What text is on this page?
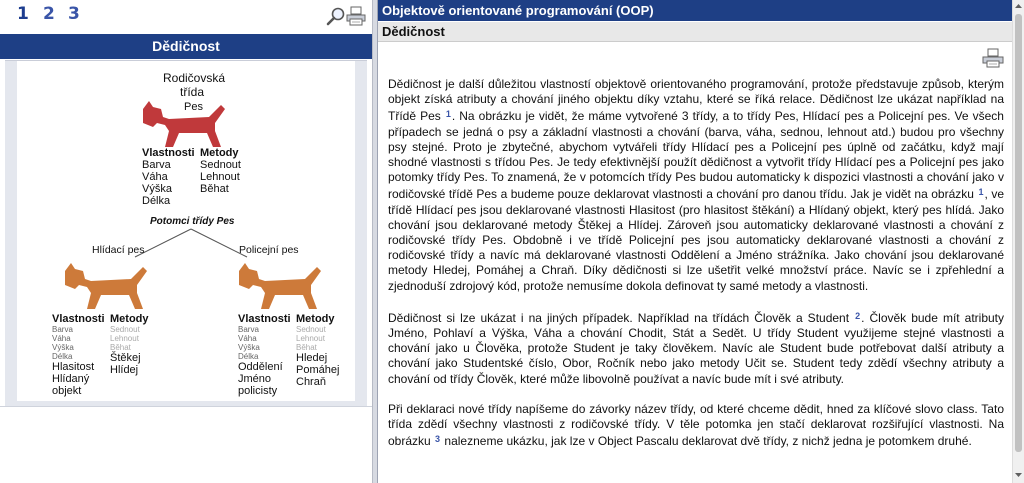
1 2 3
Dědičnost
Rodičovská
třída
Pes
Vlastnosti Metody
Barva
Váha
Výška
Délka
Sednout
Lehnout
Běhat
Potomci třídy Pes
Hlídací pes	Policejní pes
Vlastnosti Metody
Barva
Váha
Výška
Délka
Hlasitost
Hlídaný
objekt
Sednout
Lehnout
Běhat
Štěkej
Hlídej
Vlastnosti Metody
Barva
Váha
Výška
Délka
Oddělení
Jméno
policisty
Sednout
Lehnout
Běhat
Hledej
Pomáhej
Chraň
Objektově orientované programování (OOP)
Dědičnost

Dědičnost je další důležitou vlastností objektově orientovaného programování, protože představuje způsob, kterým objekt získá atributy a chování jiného objektu díky vztahu, které se říká relace. Dědičnost lze ukázat například na Třídě Pes 1. Na obrázku je vidět, že máme vytvořené 3 třídy, a to třídy Pes, Hlídací pes a Policejní pes. Ve všech případech se jedná o psy a základní vlastnosti a chování (barva, váha, sednou, lehnout atd.) budou pro všechny psy stejné. Proto je zbytečné, abychom vytvářeli třídy Hlídací pes a Policejní pes úplně od začátku, když mají shodné vlastnosti s třídou Pes. Je tedy efektivnější použít dědičnost a vytvořit třídy Hlídací pes a Policejní pes jako potomky třídy Pes. To znamená, že v potomcích třídy Pes budou automaticky k dispozici vlastnosti a chování jako v rodičovské třídě Pes a budeme pouze deklarovat vlastnosti a chování pro danou třídu. Jak je vidět na obrázku 1, ve třídě Hlídací pes jsou deklarované vlastnosti Hlasitost (pro hlasitost štěkání) a Hlídaný objekt, který pes hlídá. Jako chování jsou deklarované metody Štěkej a Hlídej. Zároveň jsou automaticky deklarované vlastnosti a chování z rodičovské třídy Pes. Obdobně i ve třídě Policejní pes jsou automaticky deklarované vlastnosti a chování z rodičovské třídy a navíc má deklarované vlastnosti Oddělení a Jméno strážníka. Jako chování jsou deklarované metody Hledej, Pomáhej a Chraň. Díky dědičnosti si lze ušetřit velké množství práce. Navíc se i zpřehlední a zjednoduší zdrojový kód, protože nemusíme dokola definovat ty samé metody a vlastnosti.

Dědičnost si lze ukázat i na jiných případek. Například na třídách Člověk a Student 2. Člověk bude mít atributy Jméno, Pohlaví a Výška, Váha a chování Chodit, Stát a Sedět. U třídy Student využijeme stejné vlastnosti a chování jako u Člověka, protože Student je taky člověkem. Navíc ale Student bude potřebovat další atributy a chování jako Studentské číslo, Obor, Ročník nebo jako metody Učit se. Student tedy zdědí všechny atributy a chování od třídy Člověk, které může libovolně používat a navíc bude mít i své atributy.

Při deklaraci nové třídy napíšeme do závorky název třídy, od které chceme dědit, hned za klíčové slovo class. Tato třída zdědí všechny vlastnosti z rodičovské třídy. V těle potomka jen stačí deklarovat rozšiřující vlastnosti. Na obrázku 3 nalezneme ukázku, jak lze v Object Pascalu deklarovat dvě třídy, z nichž jedna je potomkem druhé.
